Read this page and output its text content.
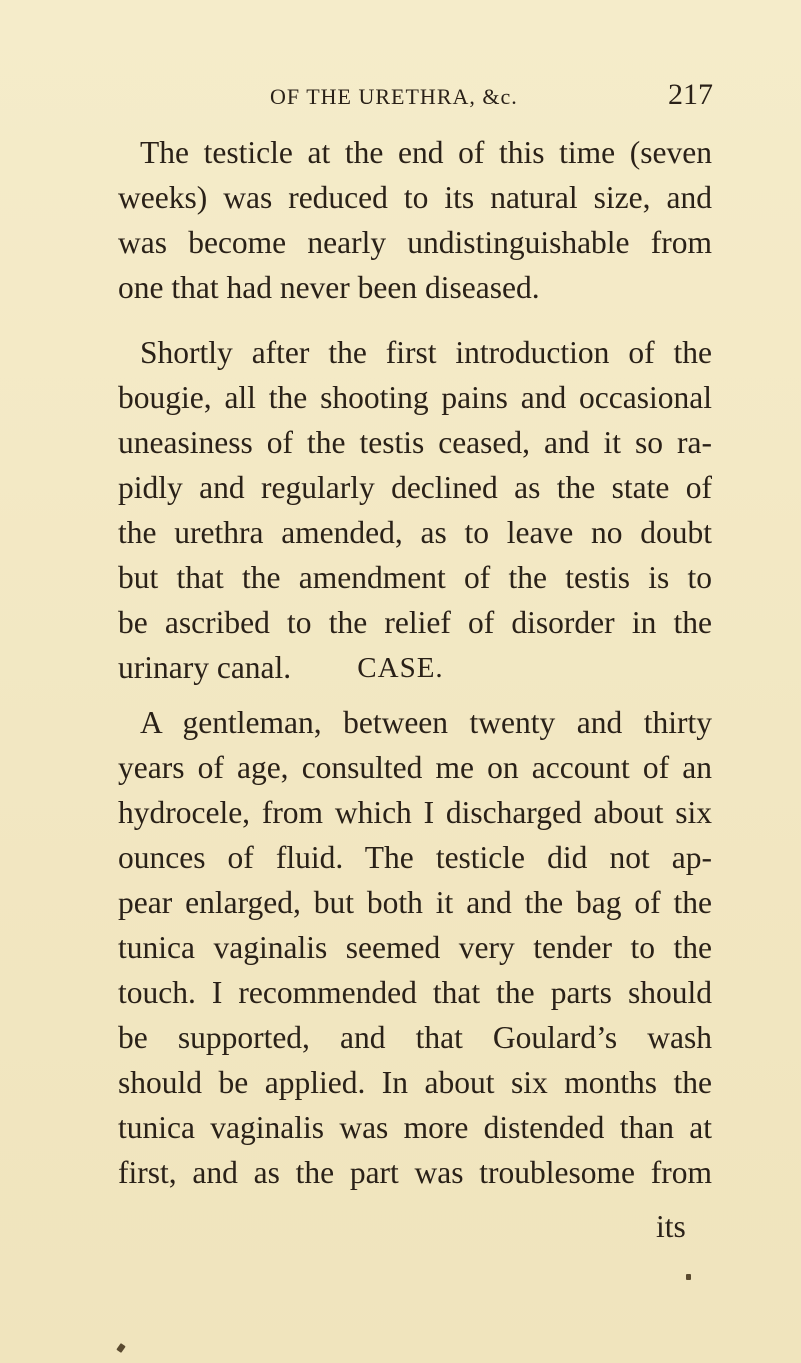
OF THE URETHRA, &c.	217
The testicle at the end of this time (seven
weeks) was reduced to its natural size, and
was become nearly undistinguishable from
one that had never been diseased.
Shortly after the first introduction of the
bougie, all the shooting pains and occasional
uneasiness of the testis ceased, and it so ra-
pidly and regularly declined as the state of
the urethra amended, as to leave no doubt
but that the amendment of the testis is to
be ascribed to the relief of disorder in the
urinary canal.	CASE.
A gentleman, between twenty and thirty
years of age, consulted me on account of an
hydrocele, from which I discharged about six
ounces of fluid. The testicle did not ap-
pear enlarged, but both it and the bag of the
tunica vaginalis seemed very tender to the
touch. I recommended that the parts should
be supported, and that Goulard’s wash
should be applied. In about six months the
tunica vaginalis was more distended than at
first, and as the part was troublesome from
its
